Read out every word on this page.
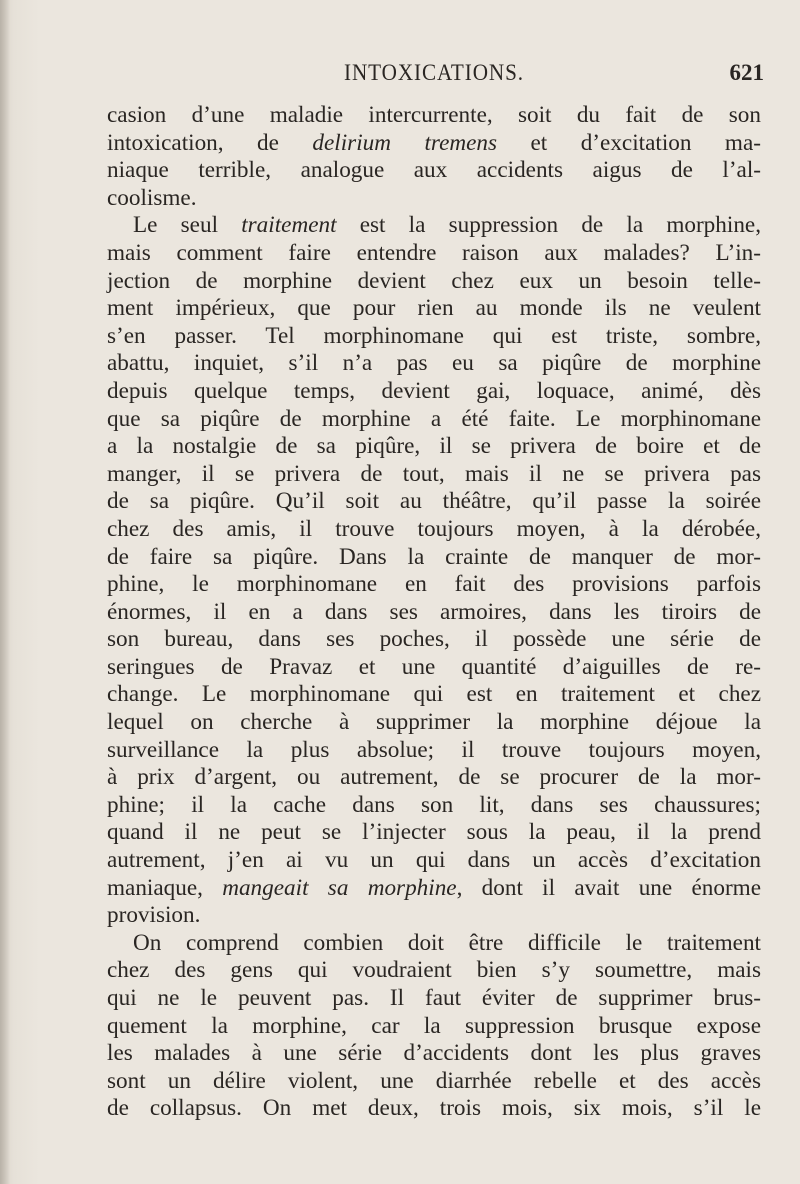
INTOXICATIONS.	621
casion d’une maladie intercurrente, soit du fait de son
intoxication, de delirium tremens et d’excitation ma-
niaque terrible, analogue aux accidents aigus de l’al-
coolisme.
Le seul traitement est la suppression de la morphine,
mais comment faire entendre raison aux malades? L’in-
jection de morphine devient chez eux un besoin telle-
ment impérieux, que pour rien au monde ils ne veulent
s’en passer. Tel morphinomane qui est triste, sombre,
abattu, inquiet, s’il n’a pas eu sa piqûre de morphine
depuis quelque temps, devient gai, loquace, animé, dès
que sa piqûre de morphine a été faite. Le morphinomane
a la nostalgie de sa piqûre, il se privera de boire et de
manger, il se privera de tout, mais il ne se privera pas
de sa piqûre. Qu’il soit au théâtre, qu’il passe la soirée
chez des amis, il trouve toujours moyen, à la dérobée,
de faire sa piqûre. Dans la crainte de manquer de mor-
phine, le morphinomane en fait des provisions parfois
énormes, il en a dans ses armoires, dans les tiroirs de
son bureau, dans ses poches, il possède une série de
seringues de Pravaz et une quantité d’aiguilles de re-
change. Le morphinomane qui est en traitement et chez
lequel on cherche à supprimer la morphine déjoue la
surveillance la plus absolue; il trouve toujours moyen,
à prix d’argent, ou autrement, de se procurer de la mor-
phine; il la cache dans son lit, dans ses chaussures;
quand il ne peut se l’injecter sous la peau, il la prend
autrement, j’en ai vu un qui dans un accès d’excitation
maniaque, mangeait sa morphine, dont il avait une énorme
provision.
On comprend combien doit être difficile le traitement
chez des gens qui voudraient bien s’y soumettre, mais
qui ne le peuvent pas. Il faut éviter de supprimer brus-
quement la morphine, car la suppression brusque expose
les malades à une série d’accidents dont les plus graves
sont un délire violent, une diarrhée rebelle et des accès
de collapsus. On met deux, trois mois, six mois, s’il le
